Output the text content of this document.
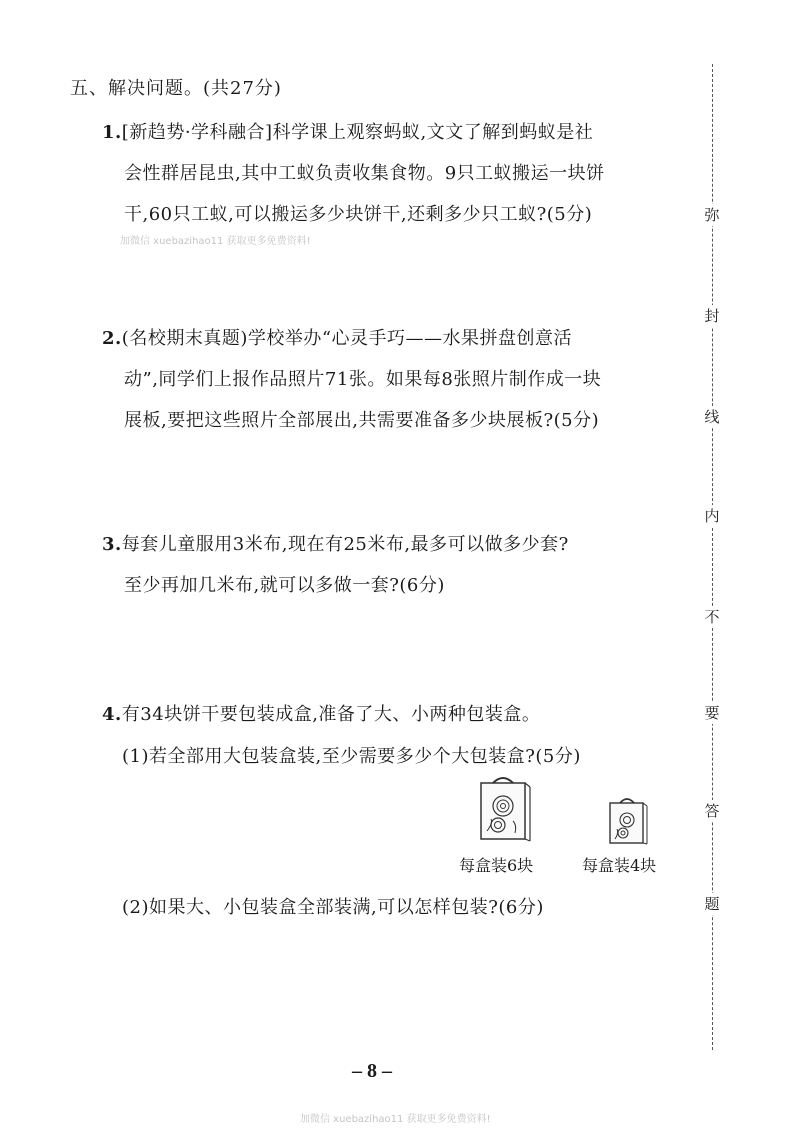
五、解决问题。(共27分)
1.[新趋势·学科融合]科学课上观察蚂蚁,文文了解到蚂蚁是社
会性群居昆虫,其中工蚁负责收集食物。9只工蚁搬运一块饼
干,60只工蚁,可以搬运多少块饼干,还剩多少只工蚁?(5分)
加微信 xuebazihao11 获取更多免费资料!
2.(名校期末真题)学校举办“心灵手巧——水果拼盘创意活
动”,同学们上报作品照片71张。如果每8张照片制作成一块
展板,要把这些照片全部展出,共需要准备多少块展板?(5分)
3.每套儿童服用3米布,现在有25米布,最多可以做多少套?
至少再加几米布,就可以多做一套?(6分)
4.有34块饼干要包装成盒,准备了大、小两种包装盒。
(1)若全部用大包装盒装,至少需要多少个大包装盒?(5分)
每盒装6块	每盒装4块
(2)如果大、小包装盒全部装满,可以怎样包装?(6分)
弥
封
线
内
不
要
答
题
– 8 –
加微信 xuebazihao11 获取更多免费资料!
